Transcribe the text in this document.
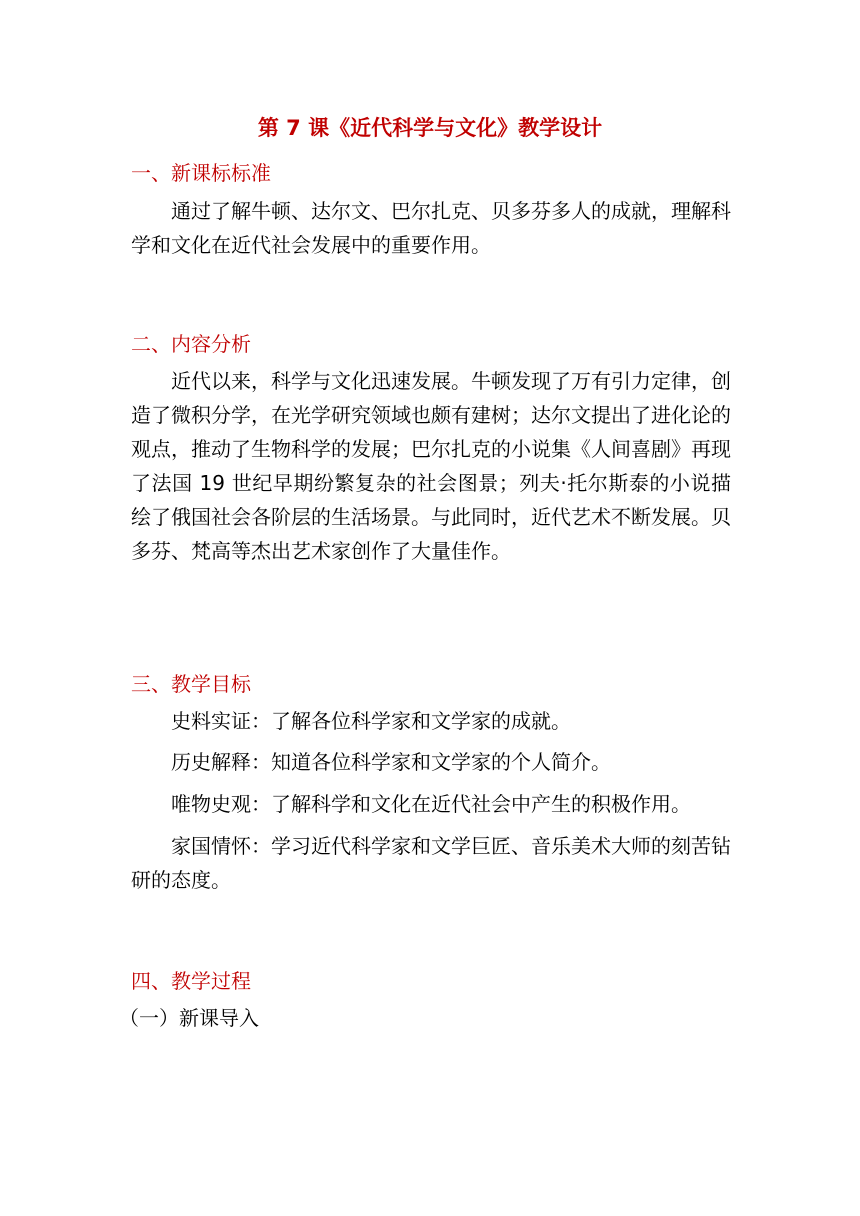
第 7 课《近代科学与文化》教学设计
一、新课标标准

通过了解牛顿、达尔文、巴尔扎克、贝多芬多人的成就，理解科学和文化在近代社会发展中的重要作用。

二、内容分析

近代以来，科学与文化迅速发展。牛顿发现了万有引力定律，创造了微积分学，在光学研究领域也颇有建树；达尔文提出了进化论的观点，推动了生物科学的发展；巴尔扎克的小说集《人间喜剧》再现了法国 19 世纪早期纷繁复杂的社会图景；列夫·托尔斯泰的小说描绘了俄国社会各阶层的生活场景。与此同时，近代艺术不断发展。贝多芬、梵高等杰出艺术家创作了大量佳作。

三、教学目标
史料实证：了解各位科学家和文学家的成就。
历史解释：知道各位科学家和文学家的个人简介。
唯物史观：了解科学和文化在近代社会中产生的积极作用。

家国情怀：学习近代科学家和文学巨匠、音乐美术大师的刻苦钻研的态度。

四、教学过程
（一）新课导入
